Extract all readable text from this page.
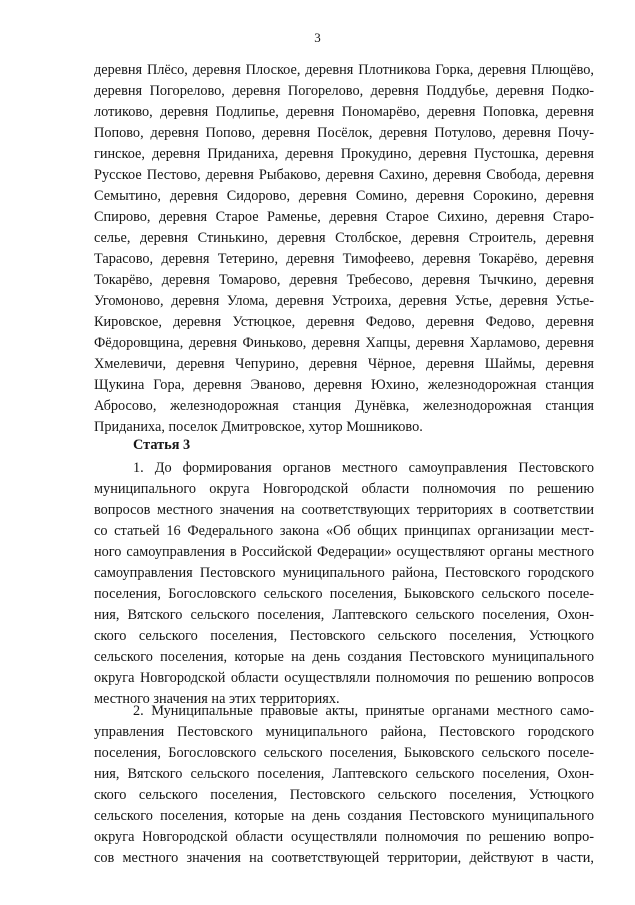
3
деревня Плёсо, деревня Плоское, деревня Плотникова Горка, деревня Плющёво,
деревня Погорелово, деревня Погорелово, деревня Поддубье, деревня Подко-
лотиково, деревня Подлипье, деревня Пономарёво, деревня Поповка, деревня
Попово, деревня Попово, деревня Посёлок, деревня Потулово, деревня Почу-
гинское, деревня Приданиха, деревня Прокудино, деревня Пустошка, деревня
Русское Пестово, деревня Рыбаково, деревня Сахино, деревня Свобода, деревня
Семытино, деревня Сидорово, деревня Сомино, деревня Сорокино, деревня
Спирово, деревня Старое Раменье, деревня Старое Сихино, деревня Старо-
селье, деревня Стинькино, деревня Столбское, деревня Строитель, деревня
Тарасово, деревня Тетерино, деревня Тимофеево, деревня Токарёво, деревня
Токарёво, деревня Томарово, деревня Требесово, деревня Тычкино, деревня
Угомоново, деревня Улома, деревня Устроиха, деревня Устье, деревня Устье-
Кировское, деревня Устюцкое, деревня Федово, деревня Федово, деревня
Фёдоровщина, деревня Финьково, деревня Хапцы, деревня Харламово, деревня
Хмелевичи, деревня Чепурино, деревня Чёрное, деревня Шаймы, деревня
Щукина Гора, деревня Эваново, деревня Юхино, железнодорожная станция
Абросово, железнодорожная станция Дунёвка, железнодорожная станция
Приданиха, поселок Дмитровское, хутор Мошниково.
Статья 3
1. До формирования органов местного самоуправления Пестовского
муниципального округа Новгородской области полномочия по решению
вопросов местного значения на соответствующих территориях в соответствии
со статьей 16 Федерального закона «Об общих принципах организации мест-
ного самоуправления в Российской Федерации» осуществляют органы местного
самоуправления Пестовского муниципального района, Пестовского городского
поселения, Богословского сельского поселения, Быковского сельского поселе-
ния, Вятского сельского поселения, Лаптевского сельского поселения, Охон-
ского сельского поселения, Пестовского сельского поселения, Устюцкого
сельского поселения, которые на день создания Пестовского муниципального
округа Новгородской области осуществляли полномочия по решению вопросов
местного значения на этих территориях.
2. Муниципальные правовые акты, принятые органами местного само-
управления Пестовского муниципального района, Пестовского городского
поселения, Богословского сельского поселения, Быковского сельского поселе-
ния, Вятского сельского поселения, Лаптевского сельского поселения, Охон-
ского сельского поселения, Пестовского сельского поселения, Устюцкого
сельского поселения, которые на день создания Пестовского муниципального
округа Новгородской области осуществляли полномочия по решению вопро-
сов местного значения на соответствующей территории, действуют в части,
